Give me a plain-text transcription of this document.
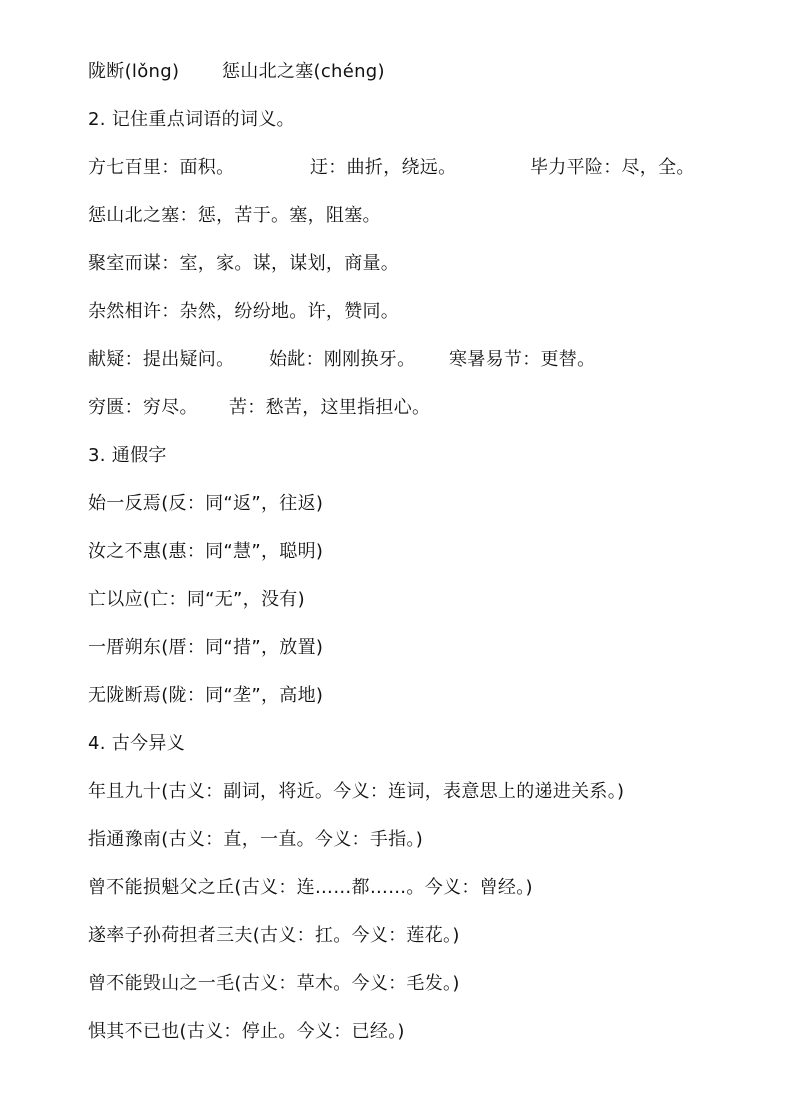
陇断(lǒng) 惩山北之塞(chéng)
2. 记住重点词语的词义。
方七百里：面积。	迂：曲折，绕远。	毕力平险：尽，全。
惩山北之塞：惩，苦于。塞，阻塞。
聚室而谋：室，家。谋，谋划，商量。
杂然相许：杂然，纷纷地。许，赞同。
献疑：提出疑问。 始龀：刚刚换牙。 寒暑易节：更替。
穷匮：穷尽。 苦：愁苦，这里指担心。
3. 通假字
始一反焉(反：同“返”，往返)
汝之不惠(惠：同“慧”，聪明)
亡以应(亡：同“无”，没有)
一厝朔东(厝：同“措”，放置)
无陇断焉(陇：同“垄”，高地)
4. 古今异义
年且九十(古义：副词，将近。今义：连词，表意思上的递进关系。)
指通豫南(古义：直，一直。今义：手指。)
曾不能损魁父之丘(古义：连……都……。今义：曾经。)
遂率子孙荷担者三夫(古义：扛。今义：莲花。)
曾不能毁山之一毛(古义：草木。今义：毛发。)
惧其不已也(古义：停止。今义：已经。)
